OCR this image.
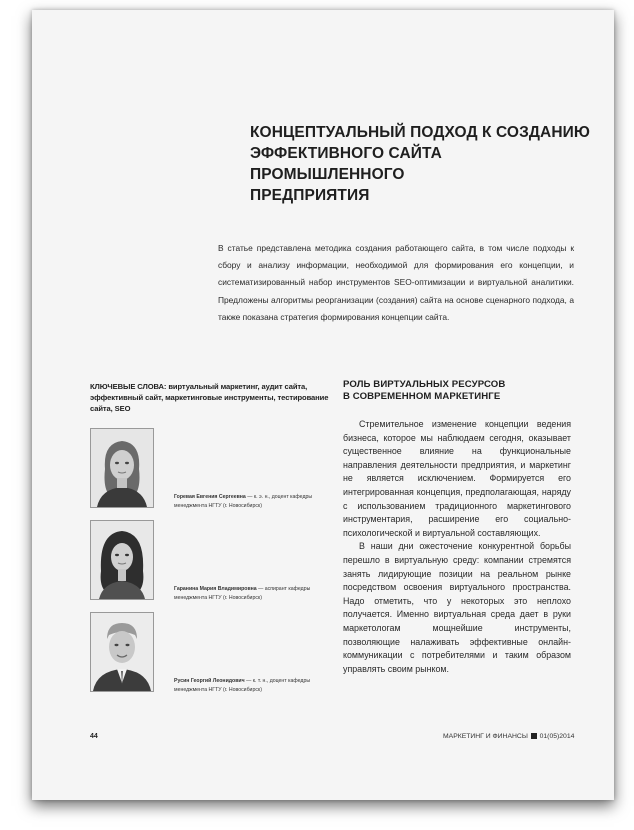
КОНЦЕПТУАЛЬНЫЙ ПОДХОД К СОЗДАНИЮ
ЭФФЕКТИВНОГО САЙТА ПРОМЫШЛЕННОГО
ПРЕДПРИЯТИЯ

В статье представлена методика создания работающего сайта, в том числе подходы к сбору и анализу информации, необходимой для формирования его концепции, и систематизированный набор инструментов SEO-оптимизации и виртуальной аналитики. Предложены алгоритмы реорганизации (создания) сайта на основе сценарного подхода, а также показана стратегия формирования концепции сайта.

КЛЮЧЕВЫЕ СЛОВА: виртуальный маркетинг, аудит сайта, эффективный сайт, маркетинговые инструменты, тестирование сайта, SEO

Горевая Евгения Сергеевна — к. э. н., доцент кафедры менеджмента НГТУ (г. Новосибирск)

Гаранина Мария Владимировна — аспирант кафедры менеджмента НГТУ (г. Новосибирск)

Русин Георгий Леонидович — к. т. н., доцент кафедры менеджмента НГТУ (г. Новосибирск)

РОЛЬ ВИРТУАЛЬНЫХ РЕСУРСОВ
В СОВРЕМЕННОМ МАРКЕТИНГЕ

Стремительное изменение концепции ведения бизнеса, которое мы наблюдаем сегодня, оказывает существенное влияние на функциональные направления деятельности предприятия, и маркетинг не является исключением. Формируется его интегрированная концепция, предполагающая, наряду с использованием традиционного маркетингового инструментария, расширение его социально-психологической и виртуальной составляющих.

В наши дни ожесточение конкурентной борьбы перешло в виртуальную среду: компании стремятся занять лидирующие позиции на реальном рынке посредством освоения виртуального пространства. Надо отметить, что у некоторых это неплохо получается. Именно виртуальная среда дает в руки маркетологам мощнейшие инструменты, позволяющие налаживать эффективные онлайн-коммуникации с потребителями и таким образом управлять своим рынком.

44	МАРКЕТИНГ И ФИНАНСЫ 01(05)2014
